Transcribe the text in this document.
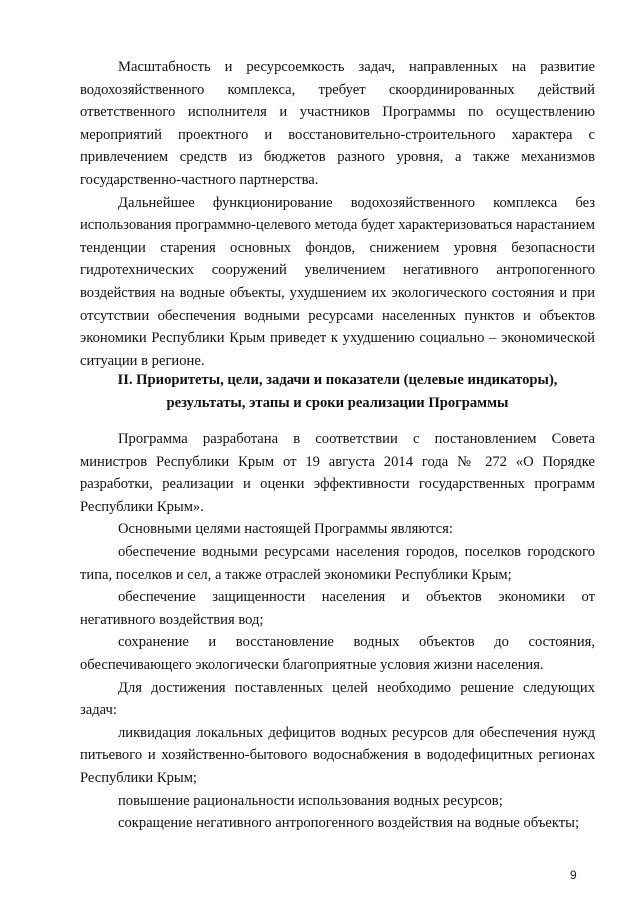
Масштабность и ресурсоемкость задач, направленных на развитие водохозяйственного комплекса, требует скоординированных действий ответственного исполнителя и участников Программы по осуществлению мероприятий проектного и восстановительно-строительного характера с привлечением средств из бюджетов разного уровня, а также механизмов государственно-частного партнерства.

Дальнейшее функционирование водохозяйственного комплекса без использования программно-целевого метода будет характеризоваться нарастанием тенденции старения основных фондов, снижением уровня безопасности гидротехнических сооружений увеличением негативного антропогенного воздействия на водные объекты, ухудшением их экологического состояния и при отсутствии обеспечения водными ресурсами населенных пунктов и объектов экономики Республики Крым приведет к ухудшению социально – экономической ситуации в регионе.

II. Приоритеты, цели, задачи и показатели (целевые индикаторы),
результаты, этапы и сроки реализации Программы

Программа разработана в соответствии с постановлением Совета министров Республики Крым от 19 августа 2014 года № 272 «О Порядке разработки, реализации и оценки эффективности государственных программ Республики Крым».

Основными целями настоящей Программы являются:

обеспечение водными ресурсами населения городов, поселков городского типа, поселков и сел, а также отраслей экономики Республики Крым;

обеспечение защищенности населения и объектов экономики от негативного воздействия вод;

сохранение и восстановление водных объектов до состояния, обеспечивающего экологически благоприятные условия жизни населения.

Для достижения поставленных целей необходимо решение следующих задач:

ликвидация локальных дефицитов водных ресурсов для обеспечения нужд питьевого и хозяйственно-бытового водоснабжения в вододефицитных регионах Республики Крым;

повышение рациональности использования водных ресурсов;

сокращение негативного антропогенного воздействия на водные объекты;

9
